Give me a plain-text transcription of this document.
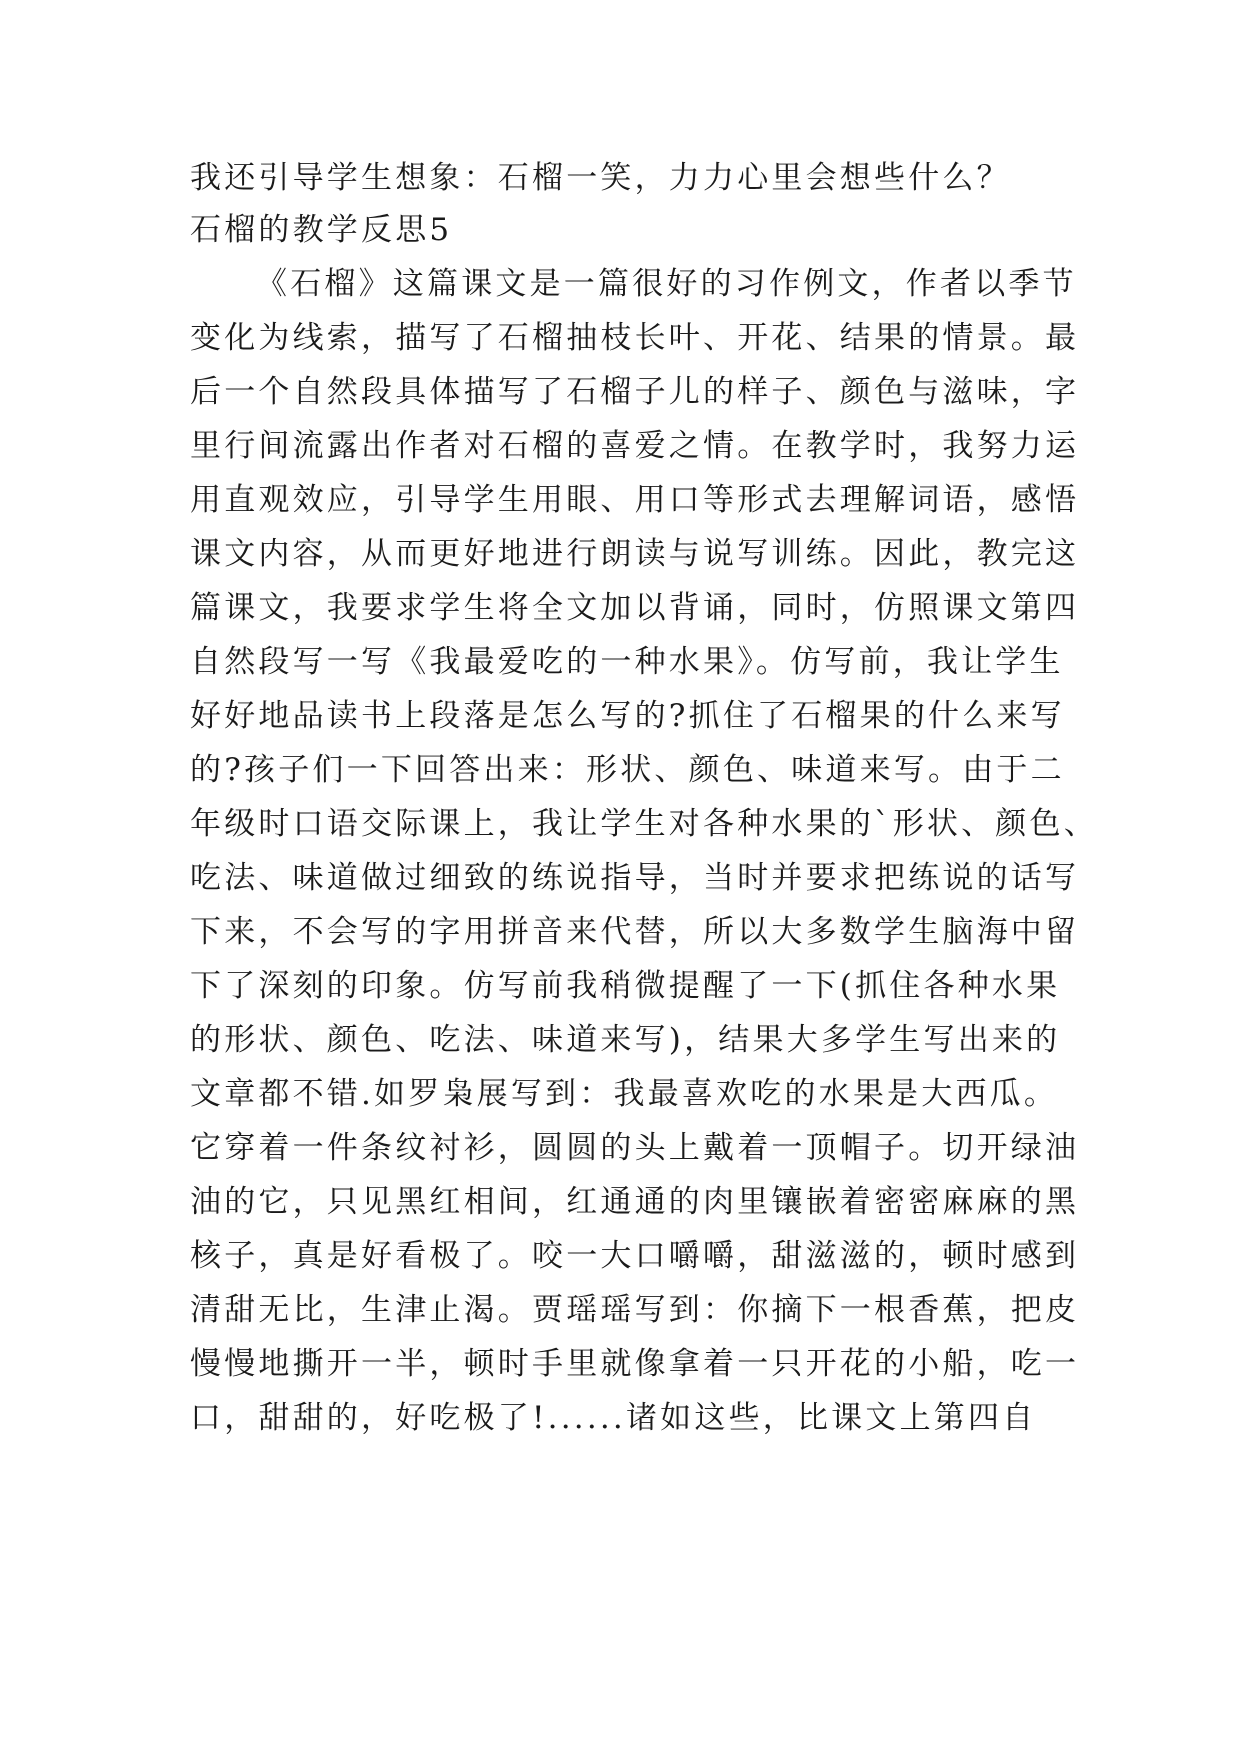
我还引导学生想象：石榴一笑，力力心里会想些什么？
石榴的教学反思5
《石榴》这篇课文是一篇很好的习作例文，作者以季节
变化为线索，描写了石榴抽枝长叶、开花、结果的情景。最
后一个自然段具体描写了石榴子儿的样子、颜色与滋味，字
里行间流露出作者对石榴的喜爱之情。在教学时，我努力运
用直观效应，引导学生用眼、用口等形式去理解词语，感悟
课文内容，从而更好地进行朗读与说写训练。因此，教完这
篇课文，我要求学生将全文加以背诵，同时，仿照课文第四
自然段写一写《我最爱吃的一种水果》。仿写前，我让学生
好好地品读书上段落是怎么写的?抓住了石榴果的什么来写
的?孩子们一下回答出来：形状、颜色、味道来写。由于二
年级时口语交际课上，我让学生对各种水果的`形状、颜色、
吃法、味道做过细致的练说指导，当时并要求把练说的话写
下来，不会写的字用拼音来代替，所以大多数学生脑海中留
下了深刻的印象。仿写前我稍微提醒了一下(抓住各种水果
的形状、颜色、吃法、味道来写)，结果大多学生写出来的
文章都不错.如罗枭展写到：我最喜欢吃的水果是大西瓜。
它穿着一件条纹衬衫，圆圆的头上戴着一顶帽子。切开绿油
油的它，只见黑红相间，红通通的肉里镶嵌着密密麻麻的黑
核子，真是好看极了。咬一大口嚼嚼，甜滋滋的，顿时感到
清甜无比，生津止渴。贾瑶瑶写到：你摘下一根香蕉，把皮
慢慢地撕开一半，顿时手里就像拿着一只开花的小船，吃一
口，甜甜的，好吃极了!......诸如这些，比课文上第四自
